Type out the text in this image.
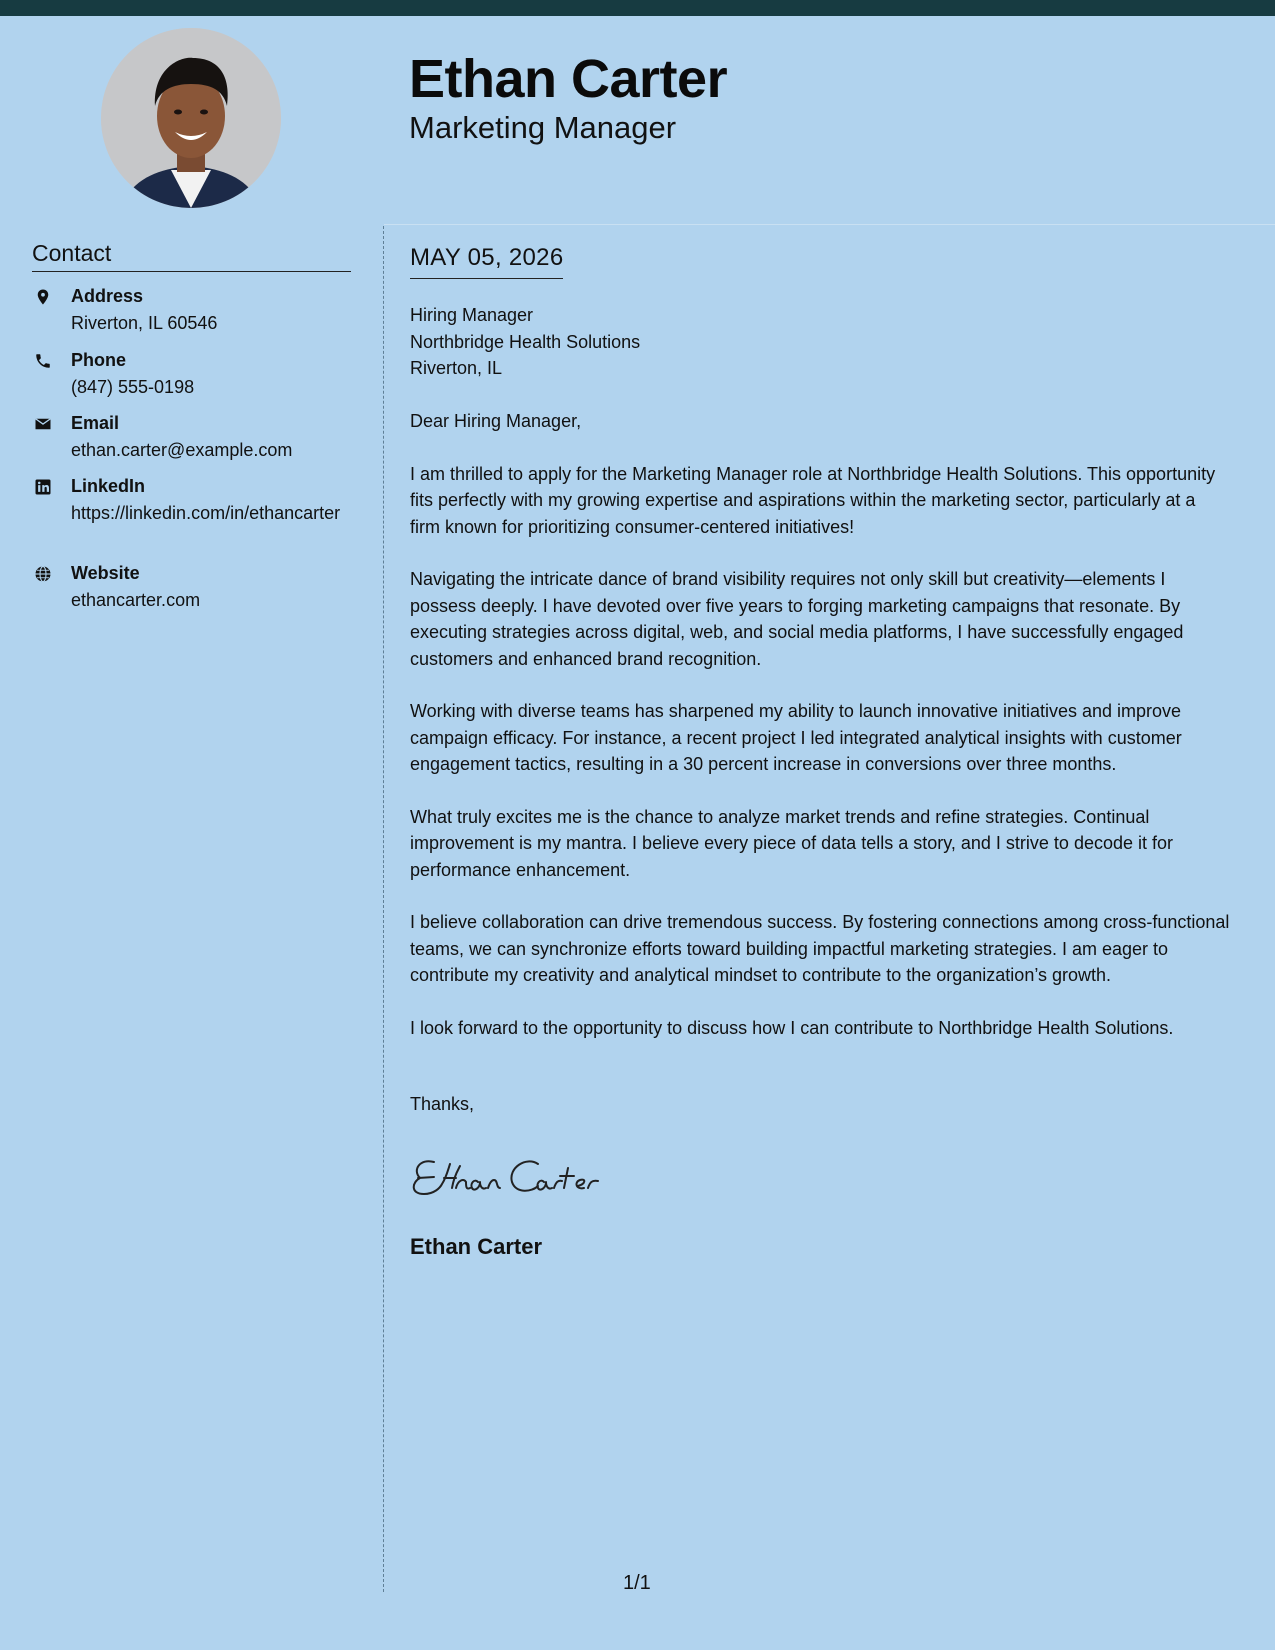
Ethan Carter
Marketing Manager
Contact
Address
Riverton, IL 60546
Phone
(847) 555-0198
Email
ethan.carter@example.com
LinkedIn
https://linkedin.com/in/ethancarter
Website
ethancarter.com
MAY 05, 2026
Hiring Manager
Northbridge Health Solutions
Riverton, IL

Dear Hiring Manager,

I am thrilled to apply for the Marketing Manager role at Northbridge Health Solutions. This opportunity fits perfectly with my growing expertise and aspirations within the marketing sector, particularly at a firm known for prioritizing consumer-centered initiatives!

Navigating the intricate dance of brand visibility requires not only skill but creativity—elements I possess deeply. I have devoted over five years to forging marketing campaigns that resonate. By executing strategies across digital, web, and social media platforms, I have successfully engaged customers and enhanced brand recognition.

Working with diverse teams has sharpened my ability to launch innovative initiatives and improve campaign efficacy. For instance, a recent project I led integrated analytical insights with customer engagement tactics, resulting in a 30 percent increase in conversions over three months.

What truly excites me is the chance to analyze market trends and refine strategies. Continual improvement is my mantra. I believe every piece of data tells a story, and I strive to decode it for performance enhancement.

I believe collaboration can drive tremendous success. By fostering connections among cross-functional teams, we can synchronize efforts toward building impactful marketing strategies. I am eager to contribute my creativity and analytical mindset to contribute to the organization’s growth.

I look forward to the opportunity to discuss how I can contribute to Northbridge Health Solutions.

Thanks,
Ethan Carter
1/1
